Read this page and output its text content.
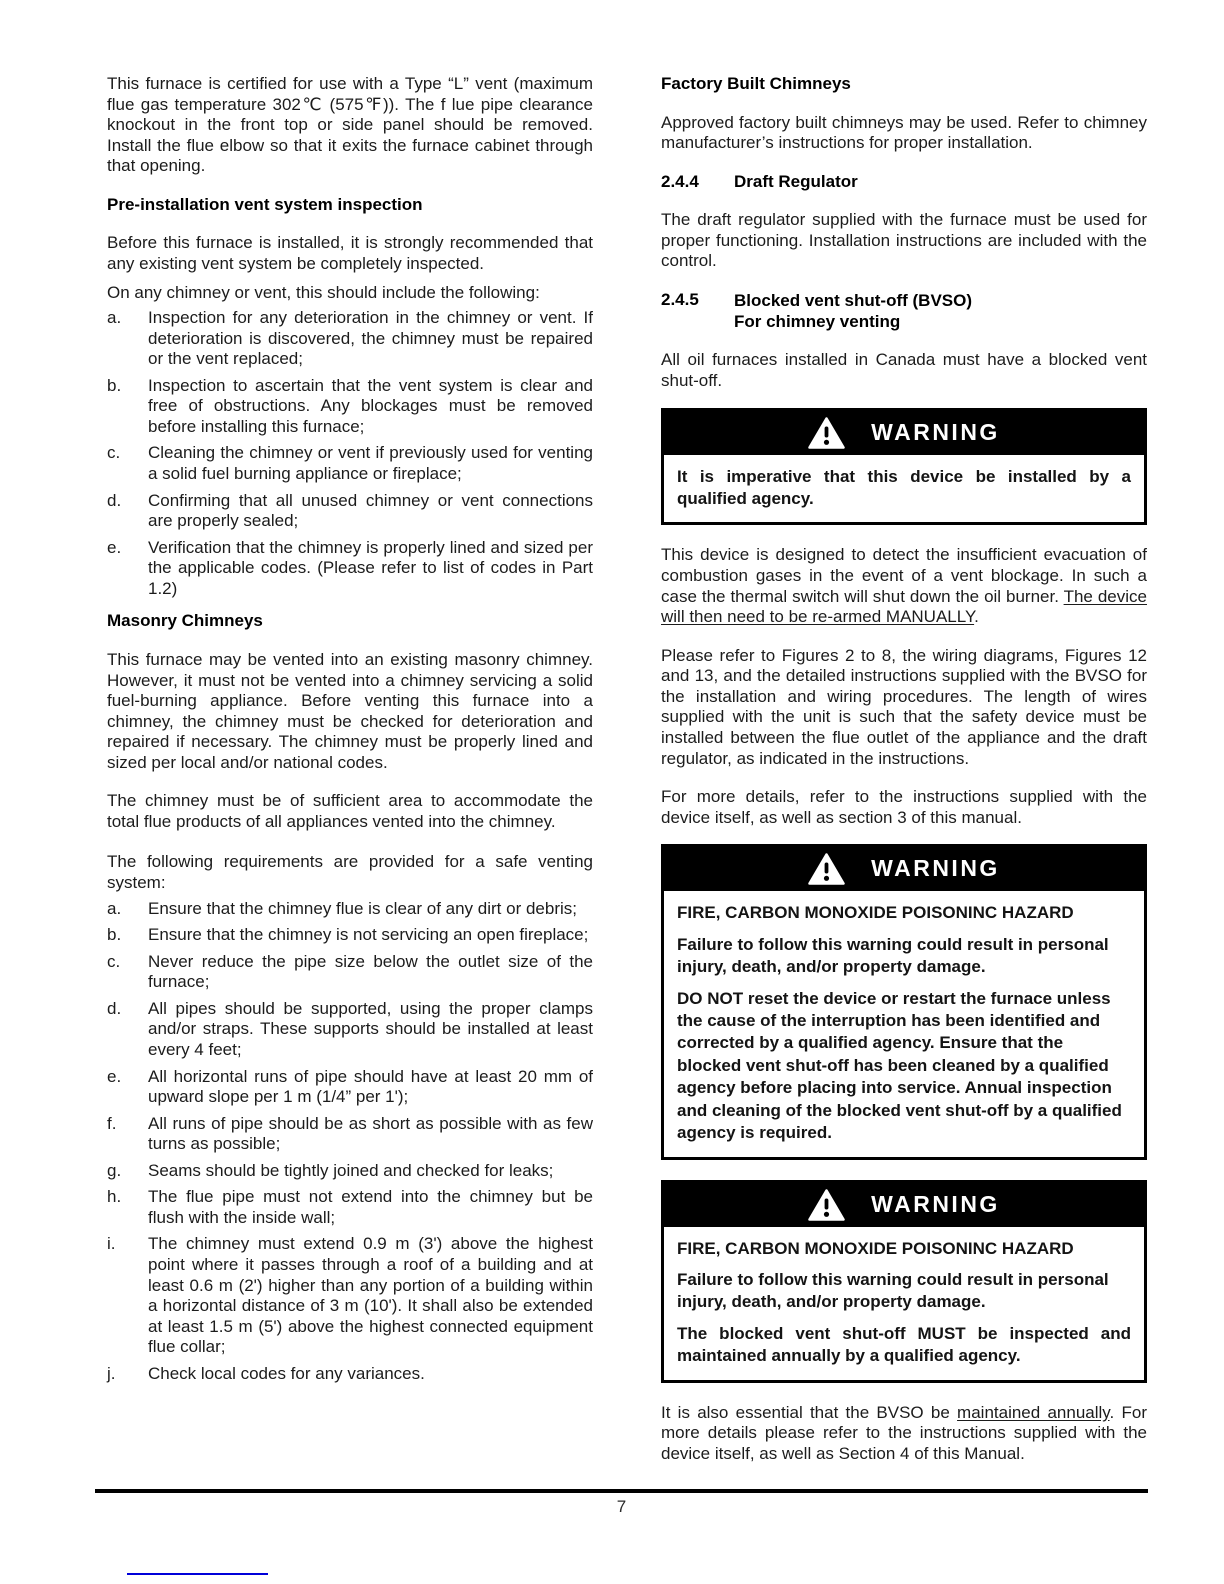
This furnace is certified for use with a Type “L” vent (maximum flue gas temperature 302℃ (575℉)). The f lue pipe clearance knockout in the front top or side panel should be removed. Install the flue elbow so that it exits the furnace cabinet through that opening.

Pre-installation vent system inspection

Before this furnace is installed, it is strongly recommended that any existing vent system be completely inspected.

On any chimney or vent, this should include the following:

a.	Inspection for any deterioration in the chimney or vent. If deterioration is discovered, the chimney must be repaired or the vent replaced;
b.	Inspection to ascertain that the vent system is clear and free of obstructions. Any blockages must be removed before installing this furnace;
c.	Cleaning the chimney or vent if previously used for venting a solid fuel burning appliance or fireplace;
d.	Confirming that all unused chimney or vent connections are properly sealed;
e.	Verification that the chimney is properly lined and sized per the applicable codes. (Please refer to list of codes in Part 1.2)
Masonry Chimneys

This furnace may be vented into an existing masonry chimney. However, it must not be vented into a chimney servicing a solid fuel-burning appliance. Before venting this furnace into a chimney, the chimney must be checked for deterioration and repaired if necessary. The chimney must be properly lined and sized per local and/or national codes.

The chimney must be of sufficient area to accommodate the total flue products of all appliances vented into the chimney.

The following requirements are provided for a safe venting system:

a.	Ensure that the chimney flue is clear of any dirt or debris;
b.	Ensure that the chimney is not servicing an open fireplace;
c.	Never reduce the pipe size below the outlet size of the furnace;
d.	All pipes should be supported, using the proper clamps and/or straps. These supports should be installed at least every 4 feet;
e.	All horizontal runs of pipe should have at least 20 mm of upward slope per 1 m (1/4” per 1');
f.	All runs of pipe should be as short as possible with as few turns as possible;
g.	Seams should be tightly joined and checked for leaks;
h.	The flue pipe must not extend into the chimney but be flush with the inside wall;
i.	The chimney must extend 0.9 m (3') above the highest point where it passes through a roof of a building and at least 0.6 m (2') higher than any portion of a building within a horizontal distance of 3 m (10'). It shall also be extended at least 1.5 m (5') above the highest connected equipment flue collar;
j.	Check local codes for any variances.
Factory Built Chimneys

Approved factory built chimneys may be used. Refer to chimney manufacturer’s instructions for proper installation.

2.4.4	Draft Regulator

The draft regulator supplied with the furnace must be used for proper functioning. Installation instructions are included with the control.

2.4.5	Blocked vent shut-off (BVSO)
For chimney venting

All oil furnaces installed in Canada must have a blocked vent shut-off.

WARNING

It is imperative that this device be installed by a qualified agency.

This device is designed to detect the insufficient evacuation of combustion gases in the event of a vent blockage. In such a case the thermal switch will shut down the oil burner. The device will then need to be re-armed MANUALLY.

Please refer to Figures 2 to 8, the wiring diagrams, Figures 12 and 13, and the detailed instructions supplied with the BVSO for the installation and wiring procedures. The length of wires supplied with the unit is such that the safety device must be installed between the flue outlet of the appliance and the draft regulator, as indicated in the instructions.

For more details, refer to the instructions supplied with the device itself, as well as section 3 of this manual.

WARNING

FIRE, CARBON MONOXIDE POISONINC HAZARD

Failure to follow this warning could result in personal injury, death, and/or property damage.

DO NOT reset the device or restart the furnace unless the cause of the interruption has been identified and corrected by a qualified agency. Ensure that the blocked vent shut-off has been cleaned by a qualified agency before placing into service. Annual inspection and cleaning of the blocked vent shut-off by a qualified agency is required.

WARNING

FIRE, CARBON MONOXIDE POISONINC HAZARD

Failure to follow this warning could result in personal injury, death, and/or property damage.

The blocked vent shut-off MUST be inspected and maintained annually by a qualified agency.

It is also essential that the BVSO be maintained annually. For more details please refer to the instructions supplied with the device itself, as well as Section 4 of this Manual.

7
